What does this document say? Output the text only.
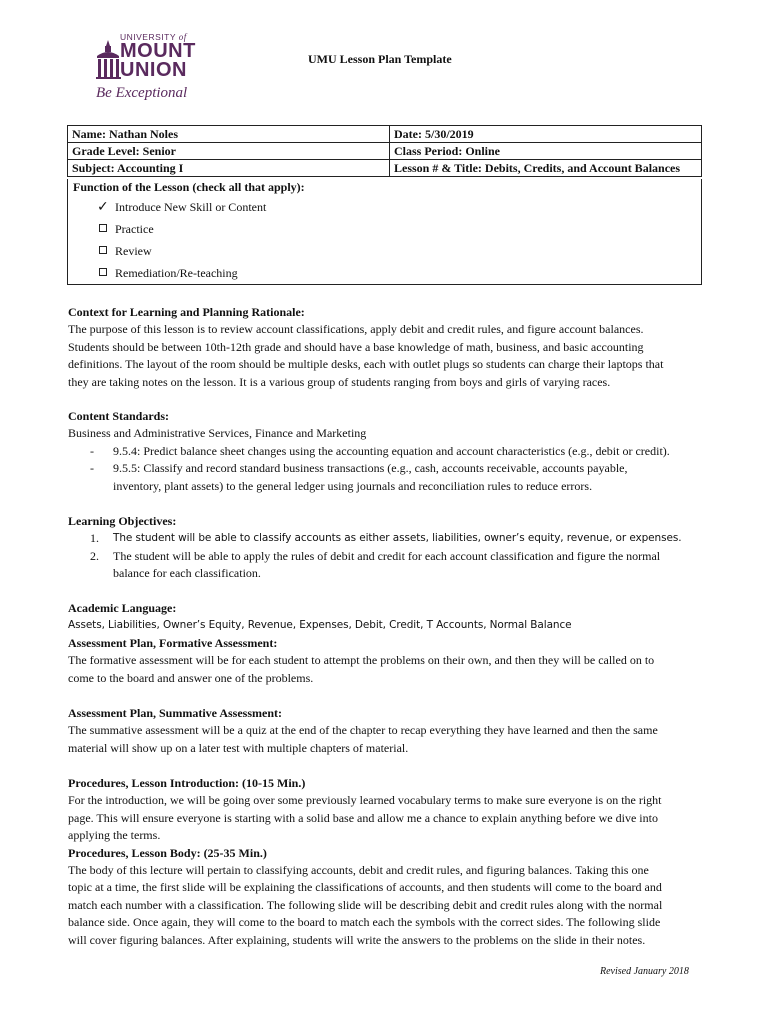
UNIVERSITY of
MOUNT
UNION
Be Exceptional
UMU Lesson Plan Template
Name: Nathan Noles	Date: 5/30/2019
Grade Level: Senior	Class Period: Online
Subject: Accounting I	Lesson # & Title: Debits, Credits, and Account Balances
Function of the Lesson (check all that apply):
✓ Introduce New Skill or Content
Practice
Review
Remediation/Re-teaching
Context for Learning and Planning Rationale:
The purpose of this lesson is to review account classifications, apply debit and credit rules, and figure account balances.
Students should be between 10th-12th grade and should have a base knowledge of math, business, and basic accounting
definitions. The layout of the room should be multiple desks, each with outlet plugs so students can charge their laptops that
they are taking notes on the lesson. It is a various group of students ranging from boys and girls of varying races.
Content Standards:
Business and Administrative Services, Finance and Marketing
- 9.5.4: Predict balance sheet changes using the accounting equation and account characteristics (e.g., debit or credit).
- 9.5.5: Classify and record standard business transactions (e.g., cash, accounts receivable, accounts payable,
inventory, plant assets) to the general ledger using journals and reconciliation rules to reduce errors.
Learning Objectives:
1. The student will be able to classify accounts as either assets, liabilities, owner’s equity, revenue, or expenses.
2. The student will be able to apply the rules of debit and credit for each account classification and figure the normal
balance for each classification.
Academic Language:
Assets, Liabilities, Owner’s Equity, Revenue, Expenses, Debit, Credit, T Accounts, Normal Balance
Assessment Plan, Formative Assessment:
The formative assessment will be for each student to attempt the problems on their own, and then they will be called on to
come to the board and answer one of the problems.
Assessment Plan, Summative Assessment:
The summative assessment will be a quiz at the end of the chapter to recap everything they have learned and then the same
material will show up on a later test with multiple chapters of material.
Procedures, Lesson Introduction: (10-15 Min.)
For the introduction, we will be going over some previously learned vocabulary terms to make sure everyone is on the right
page. This will ensure everyone is starting with a solid base and allow me a chance to explain anything before we dive into
applying the terms.
Procedures, Lesson Body: (25-35 Min.)
The body of this lecture will pertain to classifying accounts, debit and credit rules, and figuring balances. Taking this one
topic at a time, the first slide will be explaining the classifications of accounts, and then students will come to the board and
match each number with a classification. The following slide will be describing debit and credit rules along with the normal
balance side. Once again, they will come to the board to match each the symbols with the correct sides. The following slide
will cover figuring balances. After explaining, students will write the answers to the problems on the slide in their notes.
Revised January 2018
